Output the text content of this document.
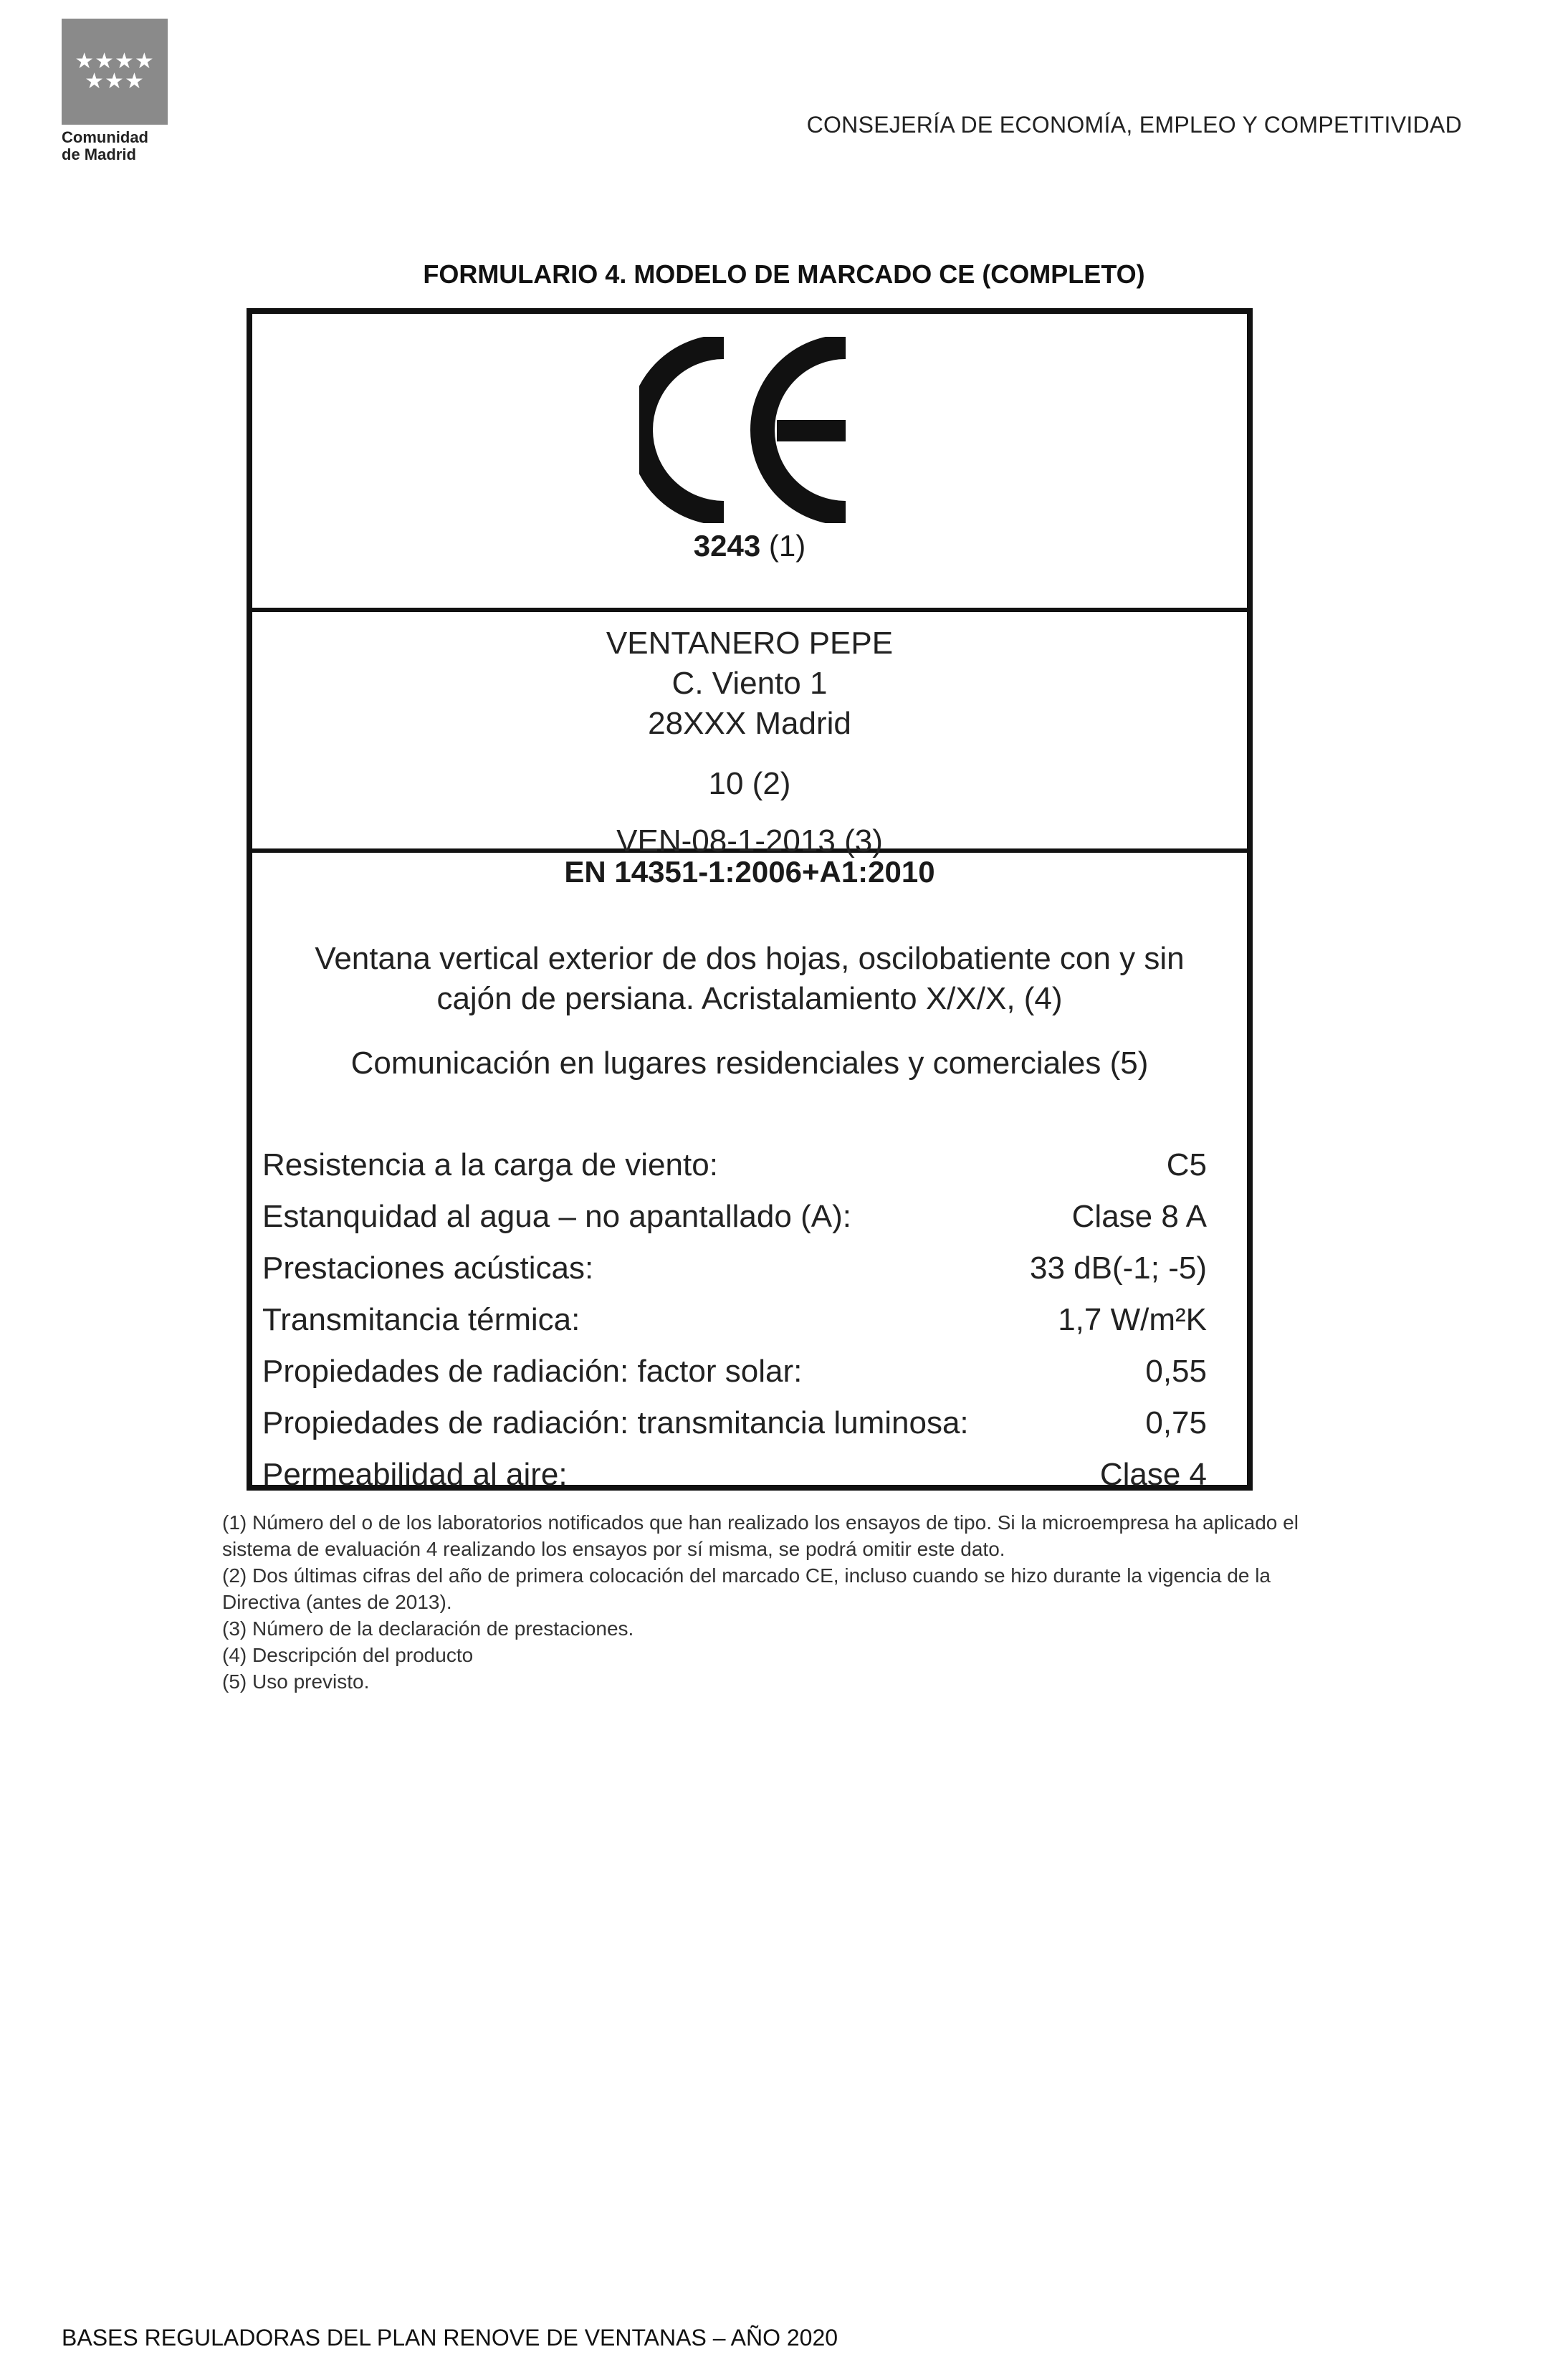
★★★★
★★★
Comunidad
de Madrid
CONSEJERÍA DE ECONOMÍA, EMPLEO Y COMPETITIVIDAD
FORMULARIO 4. MODELO DE MARCADO CE (COMPLETO)
3243 (1)
VENTANERO PEPE
C. Viento 1
28XXX Madrid
10 (2)
VEN-08-1-2013 (3)
EN 14351-1:2006+A1:2010
Ventana vertical exterior de dos hojas, oscilobatiente con y sin
cajón de persiana. Acristalamiento X/X/X, (4)
Comunicación en lugares residenciales y comerciales (5)
Resistencia a la carga de viento:	C5
Estanquidad al agua – no apantallado (A):	Clase 8 A
Prestaciones acústicas:	33 dB(-1; -5)
Transmitancia térmica:	1,7 W/m²K
Propiedades de radiación: factor solar:	0,55
Propiedades de radiación: transmitancia luminosa:	0,75
Permeabilidad al aire:	Clase 4

(1) Número del o de los laboratorios notificados que han realizado los ensayos de tipo. Si la microempresa ha aplicado el sistema de evaluación 4 realizando los ensayos por sí misma, se podrá omitir este dato.

(2) Dos últimas cifras del año de primera colocación del marcado CE, incluso cuando se hizo durante la vigencia de la Directiva (antes de 2013).

(3) Número de la declaración de prestaciones.

(4) Descripción del producto

(5) Uso previsto.

BASES REGULADORAS DEL PLAN RENOVE DE VENTANAS – AÑO 2020
